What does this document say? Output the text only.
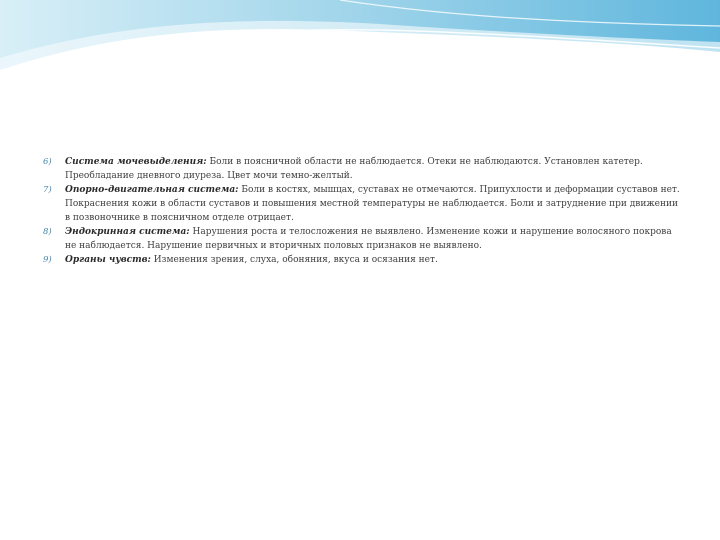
6) Система мочевыделения: Боли в поясничной области не наблюдается. Отеки не наблюдаются. Установлен катетер. Преобладание дневного диуреза. Цвет мочи темно-желтый.

7) Опорно-двигательная система: Боли в костях, мышцах, суставах не отмечаются. Припухлости и деформации суставов нет. Покраснения кожи в области суставов и повышения местной температуры не наблюдается. Боли и затруднение при движении в позвоночнике в поясничном отделе отрицает.

8) Эндокринная система: Нарушения роста и телосложения не выявлено. Изменение кожи и нарушение волосяного покрова не наблюдается. Нарушение первичных и вторичных половых признаков не выявлено.

9) Органы чувств: Изменения зрения, слуха, обоняния, вкуса и осязания нет.
